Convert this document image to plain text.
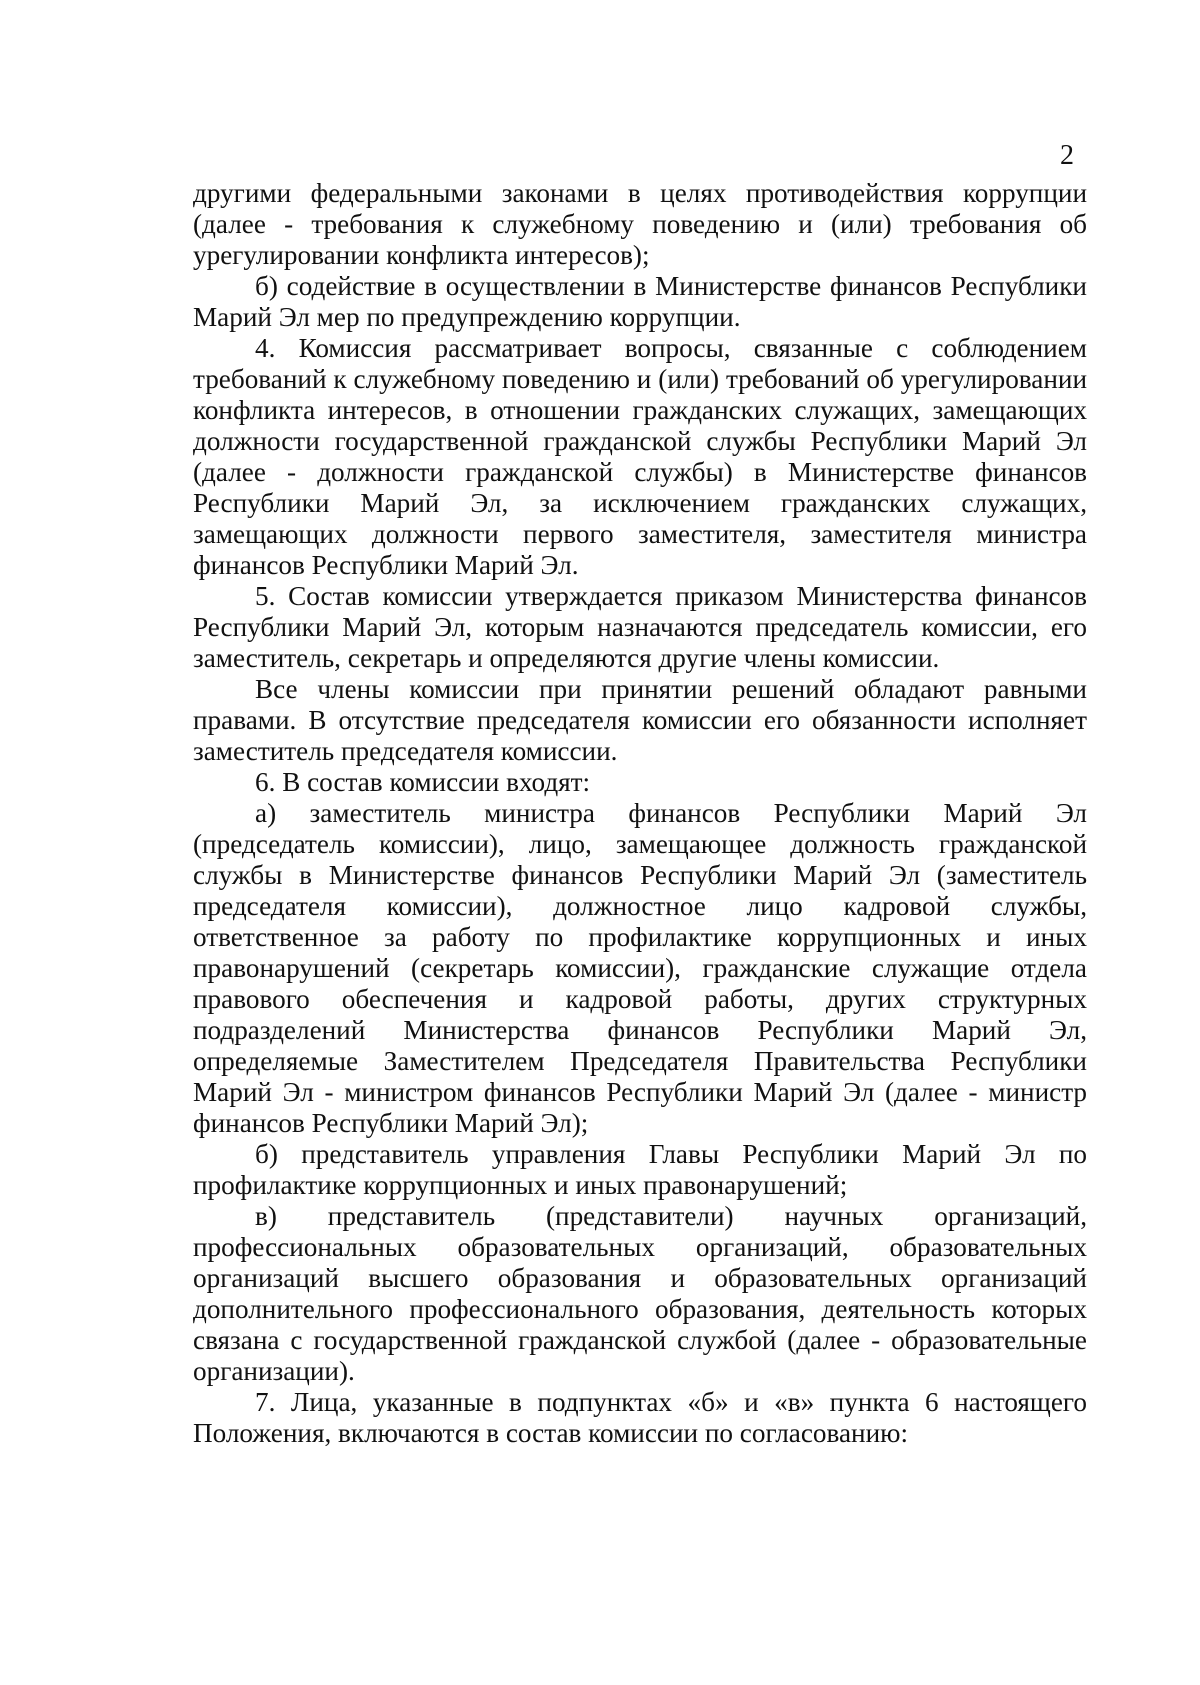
2

другими федеральными законами в целях противодействия коррупции (далее - требования к служебному поведению и (или) требования об урегулировании конфликта интересов);

б) содействие в осуществлении в Министерстве финансов Республики Марий Эл мер по предупреждению коррупции.

4. Комиссия рассматривает вопросы, связанные с соблюдением требований к служебному поведению и (или) требований об урегулировании конфликта интересов, в отношении гражданских служащих, замещающих должности государственной гражданской службы Республики Марий Эл (далее - должности гражданской службы) в Министерстве финансов Республики Марий Эл, за исключением гражданских служащих, замещающих должности первого заместителя, заместителя министра финансов Республики Марий Эл.

5. Состав комиссии утверждается приказом Министерства финансов Республики Марий Эл, которым назначаются председатель комиссии, его заместитель, секретарь и определяются другие члены комиссии.

Все члены комиссии при принятии решений обладают равными правами. В отсутствие председателя комиссии его обязанности исполняет заместитель председателя комиссии.

6. В состав комиссии входят:

а) заместитель министра финансов Республики Марий Эл (председатель комиссии), лицо, замещающее должность гражданской службы в Министерстве финансов Республики Марий Эл (заместитель председателя комиссии), должностное лицо кадровой службы, ответственное за работу по профилактике коррупционных и иных правонарушений (секретарь комиссии), гражданские служащие отдела правового обеспечения и кадровой работы, других структурных подразделений Министерства финансов Республики Марий Эл, определяемые Заместителем Председателя Правительства Республики Марий Эл - министром финансов Республики Марий Эл (далее - министр финансов Республики Марий Эл);

б) представитель управления Главы Республики Марий Эл по профилактике коррупционных и иных правонарушений;

в) представитель (представители) научных организаций, профессиональных образовательных организаций, образовательных организаций высшего образования и образовательных организаций дополнительного профессионального образования, деятельность которых связана с государственной гражданской службой (далее - образовательные организации).

7. Лица, указанные в подпунктах «б» и «в» пункта 6 настоящего Положения, включаются в состав комиссии по согласованию:
